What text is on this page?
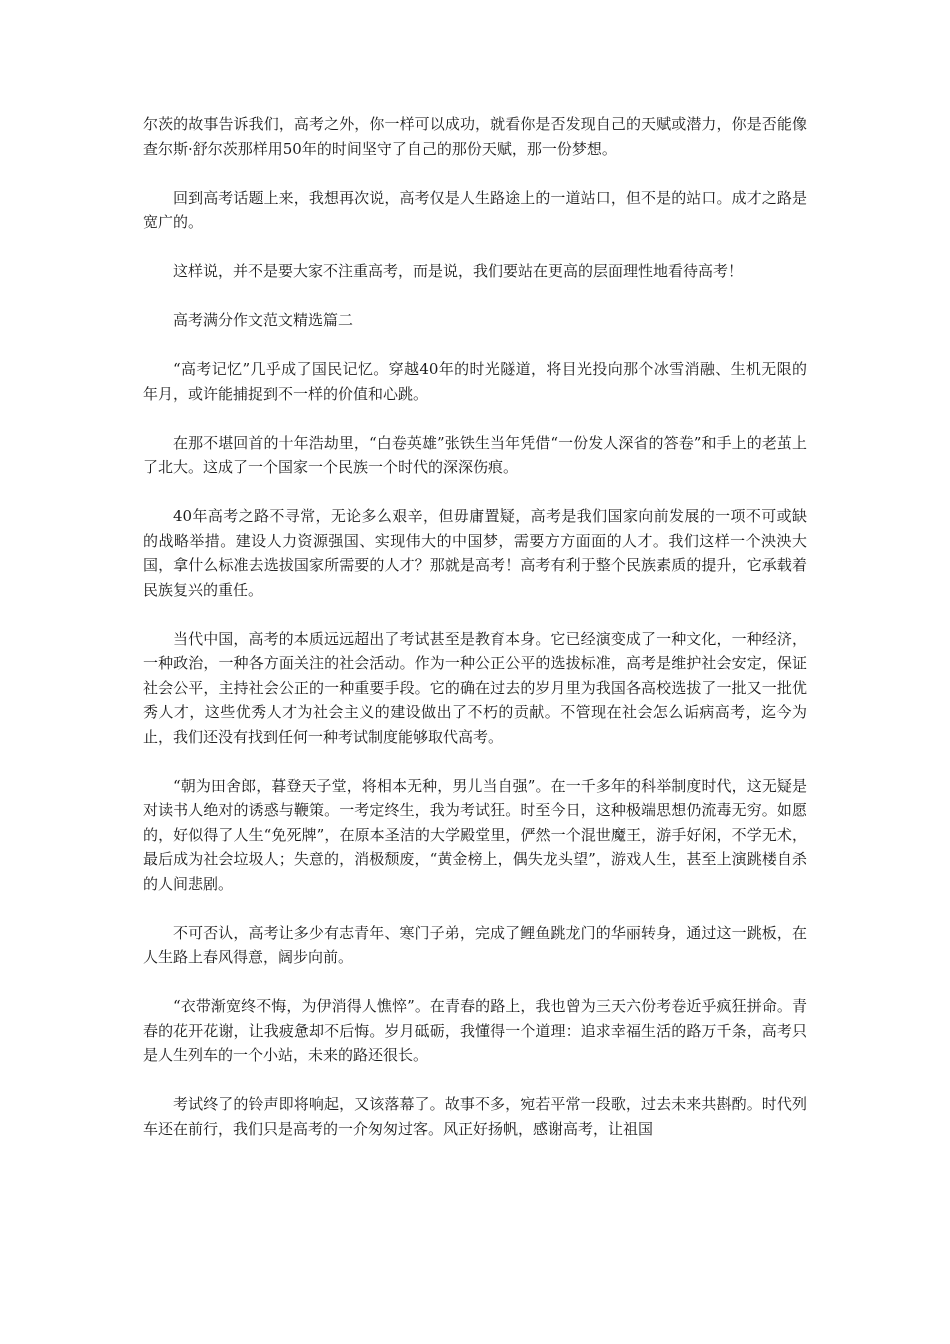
尔茨的故事告诉我们，高考之外，你一样可以成功，就看你是否发现自己的天赋或潜力，你是否能像查尔斯·舒尔茨那样用50年的时间坚守了自己的那份天赋，那一份梦想。

回到高考话题上来，我想再次说，高考仅是人生路途上的一道站口，但不是的站口。成才之路是宽广的。

这样说，并不是要大家不注重高考，而是说，我们要站在更高的层面理性地看待高考！

高考满分作文范文精选篇二

“高考记忆”几乎成了国民记忆。穿越40年的时光隧道，将目光投向那个冰雪消融、生机无限的年月，或许能捕捉到不一样的价值和心跳。

在那不堪回首的十年浩劫里，“白卷英雄”张铁生当年凭借“一份发人深省的答卷”和手上的老茧上了北大。这成了一个国家一个民族一个时代的深深伤痕。

40年高考之路不寻常，无论多么艰辛，但毋庸置疑，高考是我们国家向前发展的一项不可或缺的战略举措。建设人力资源强国、实现伟大的中国梦，需要方方面面的人才。我们这样一个泱泱大国，拿什么标准去选拔国家所需要的人才？那就是高考！高考有利于整个民族素质的提升，它承载着民族复兴的重任。

当代中国，高考的本质远远超出了考试甚至是教育本身。它已经演变成了一种文化，一种经济，一种政治，一种各方面关注的社会活动。作为一种公正公平的选拔标准，高考是维护社会安定，保证社会公平，主持社会公正的一种重要手段。它的确在过去的岁月里为我国各高校选拔了一批又一批优秀人才，这些优秀人才为社会主义的建设做出了不朽的贡献。不管现在社会怎么诟病高考，迄今为止，我们还没有找到任何一种考试制度能够取代高考。

“朝为田舍郎，暮登天子堂，将相本无种，男儿当自强”。在一千多年的科举制度时代，这无疑是对读书人绝对的诱惑与鞭策。一考定终生，我为考试狂。时至今日，这种极端思想仍流毒无穷。如愿的，好似得了人生“免死牌”，在原本圣洁的大学殿堂里，俨然一个混世魔王，游手好闲，不学无术，最后成为社会垃圾人；失意的，消极颓废，“黄金榜上，偶失龙头望”，游戏人生，甚至上演跳楼自杀的人间悲剧。

不可否认，高考让多少有志青年、寒门子弟，完成了鲤鱼跳龙门的华丽转身，通过这一跳板，在人生路上春风得意，阔步向前。

“衣带渐宽终不悔，为伊消得人憔悴”。在青春的路上，我也曾为三天六份考卷近乎疯狂拼命。青春的花开花谢，让我疲惫却不后悔。岁月砥砺，我懂得一个道理：追求幸福生活的路万千条，高考只是人生列车的一个小站，未来的路还很长。

考试终了的铃声即将响起，又该落幕了。故事不多，宛若平常一段歌，过去未来共斟酌。时代列车还在前行，我们只是高考的一介匆匆过客。风正好扬帆，感谢高考，让祖国
